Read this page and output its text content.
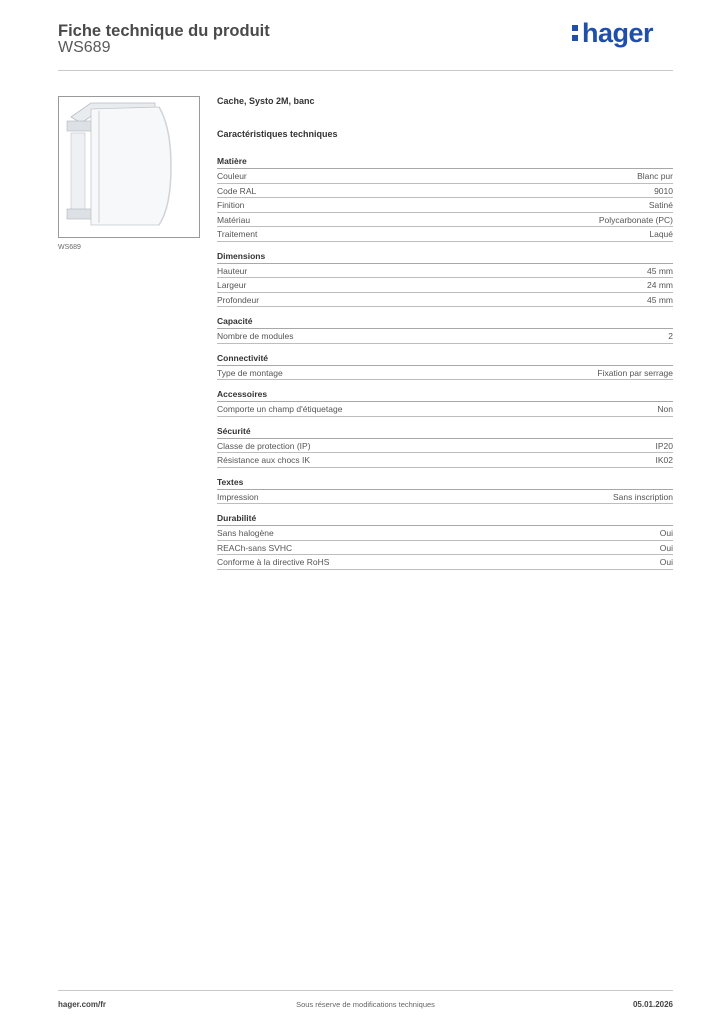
Fiche technique du produit
WS689	hager
WS689
Cache, Systo 2M, banc
Caractéristiques techniques
Matière
Couleur	Blanc pur
Code RAL	9010
Finition	Satiné
Matériau	Polycarbonate (PC)
Traitement	Laqué
Dimensions
Hauteur	45 mm
Largeur	24 mm
Profondeur	45 mm
Capacité
Nombre de modules	2
Connectivité
Type de montage	Fixation par serrage
Accessoires
Comporte un champ d'étiquetage	Non
Sécurité
Classe de protection (IP)	IP20
Résistance aux chocs IK	IK02
Textes
Impression	Sans inscription
Durabilité
Sans halogène	Oui
REACh-sans SVHC	Oui
Conforme à la directive RoHS	Oui
hager.com/fr	Sous réserve de modifications techniques	05.01.2026
